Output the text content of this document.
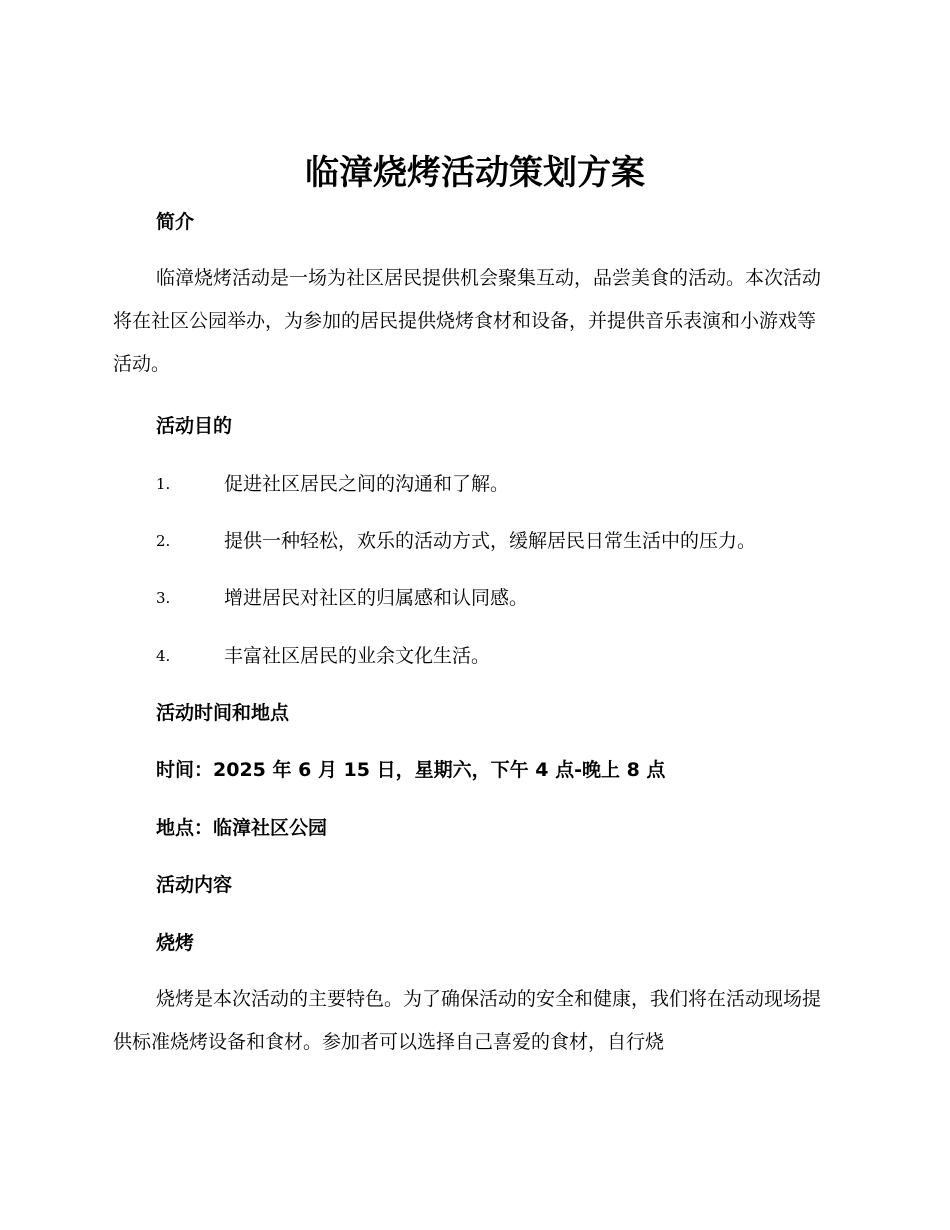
临漳烧烤活动策划方案
简介

临漳烧烤活动是一场为社区居民提供机会聚集互动，品尝美食的活动。本次活动将在社区公园举办，为参加的居民提供烧烤食材和设备，并提供音乐表演和小游戏等活动。

活动目的
1.	促进社区居民之间的沟通和了解。
2.	提供一种轻松，欢乐的活动方式，缓解居民日常生活中的压力。
3.	增进居民对社区的归属感和认同感。
4.	丰富社区居民的业余文化生活。
活动时间和地点
时间：2025 年 6 月 15 日，星期六，下午 4 点-晚上 8 点
地点：临漳社区公园
活动内容
烧烤

烧烤是本次活动的主要特色。为了确保活动的安全和健康，我们将在活动现场提供标准烧烤设备和食材。参加者可以选择自己喜爱的食材，自行烧
